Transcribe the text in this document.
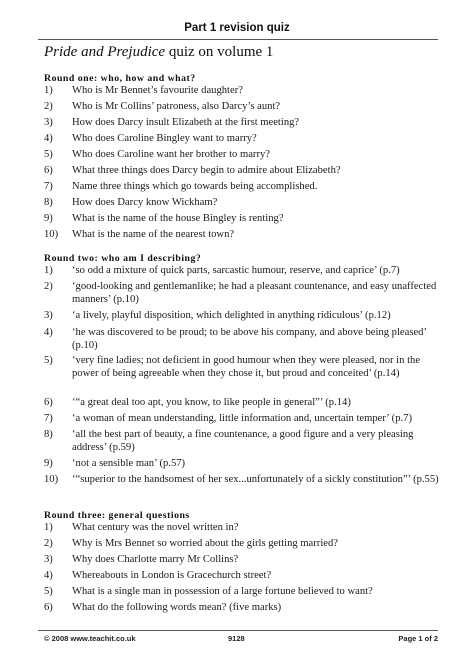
Part 1 revision quiz
Pride and Prejudice quiz on volume 1
Round one: who, how and what?
1)	Who is Mr Bennet’s favourite daughter?
2)	Who is Mr Collins’ patroness, also Darcy’s aunt?
3)	How does Darcy insult Elizabeth at the first meeting?
4)	Who does Caroline Bingley want to marry?
5)	Who does Caroline want her brother to marry?
6)	What three things does Darcy begin to admire about Elizabeth?
7)	Name three things which go towards being accomplished.
8)	How does Darcy know Wickham?
9)	What is the name of the house Bingley is renting?
10)	What is the name of the nearest town?
Round two: who am I describing?
1)	‘so odd a mixture of quick parts, sarcastic humour, reserve, and caprice’ (p.7)
2)	‘good-looking and gentlemanlike; he had a pleasant countenance, and easy unaffected manners’ (p.10)
3)	‘a lively, playful disposition, which delighted in anything ridiculous’ (p.12)
4)	‘he was discovered to be proud; to be above his company, and above being pleased’ (p.10)
5)	‘very fine ladies; not deficient in good humour when they were pleased, nor in the power of being agreeable when they chose it, but proud and conceited’ (p.14)
6)	‘“a great deal too apt, you know, to like people in general”’ (p.14)
7)	‘a woman of mean understanding, little information and, uncertain temper’ (p.7)
8)	‘all the best part of beauty, a fine countenance, a good figure and a very pleasing address’ (p.59)
9)	‘not a sensible man’ (p.57)
10)	‘“superior to the handsomest of her sex...unfortunately of a sickly constitution”’ (p.55)
Round three: general questions
1)	What century was the novel written in?
2)	Why is Mrs Bennet so worried about the girls getting married?
3)	Why does Charlotte marry Mr Collins?
4)	Whereabouts in London is Gracechurch street?
5)	What is a single man in possession of a large fortune believed to want?
6)	What do the following words mean? (five marks)
© 2008 www.teachit.co.uk	9128	Page 1 of 2
